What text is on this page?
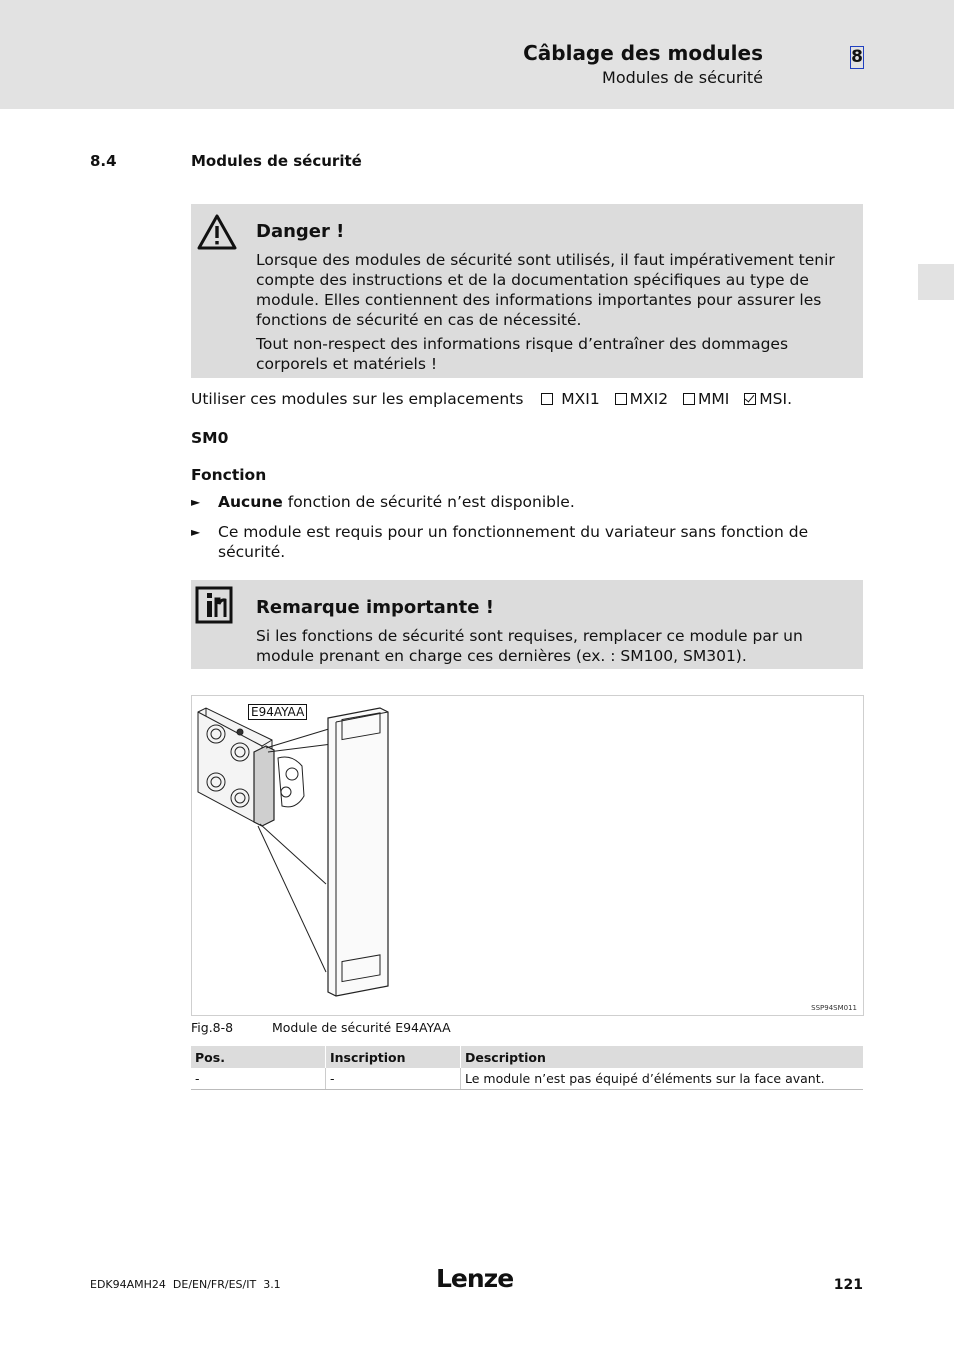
Câblage des modules
Modules de sécurité
8
8.4	Modules de sécurité
Danger !

Lorsque des modules de sécurité sont utilisés, il faut impérativement tenir compte des instructions et de la documentation spécifiques au type de module. Elles contiennent des informations importantes pour assurer les fonctions de sécurité en cas de nécessité.

Tout non-respect des informations risque d’entraîner des dommages corporels et matériels !

Utiliser ces modules sur les emplacements MXI1 MXI2 MMI MSI.
SM0
Fonction
► Aucune fonction de sécurité n’est disponible.
► Ce module est requis pour un fonctionnement du variateur sans fonction de sécurité.
Remarque importante !
Si les fonctions de sécurité sont requises, remplacer ce module par un module prenant en charge ces dernières (ex. : SM100, SM301).
E94AYAA
SSP94SM011
Fig.8-8	Module de sécurité E94AYAA
Pos.	Inscription	Description
-	-	Le module n’est pas équipé d’éléments sur la face avant.
EDK94AMH24  DE/EN/FR/ES/IT  3.1	Lenze	121
